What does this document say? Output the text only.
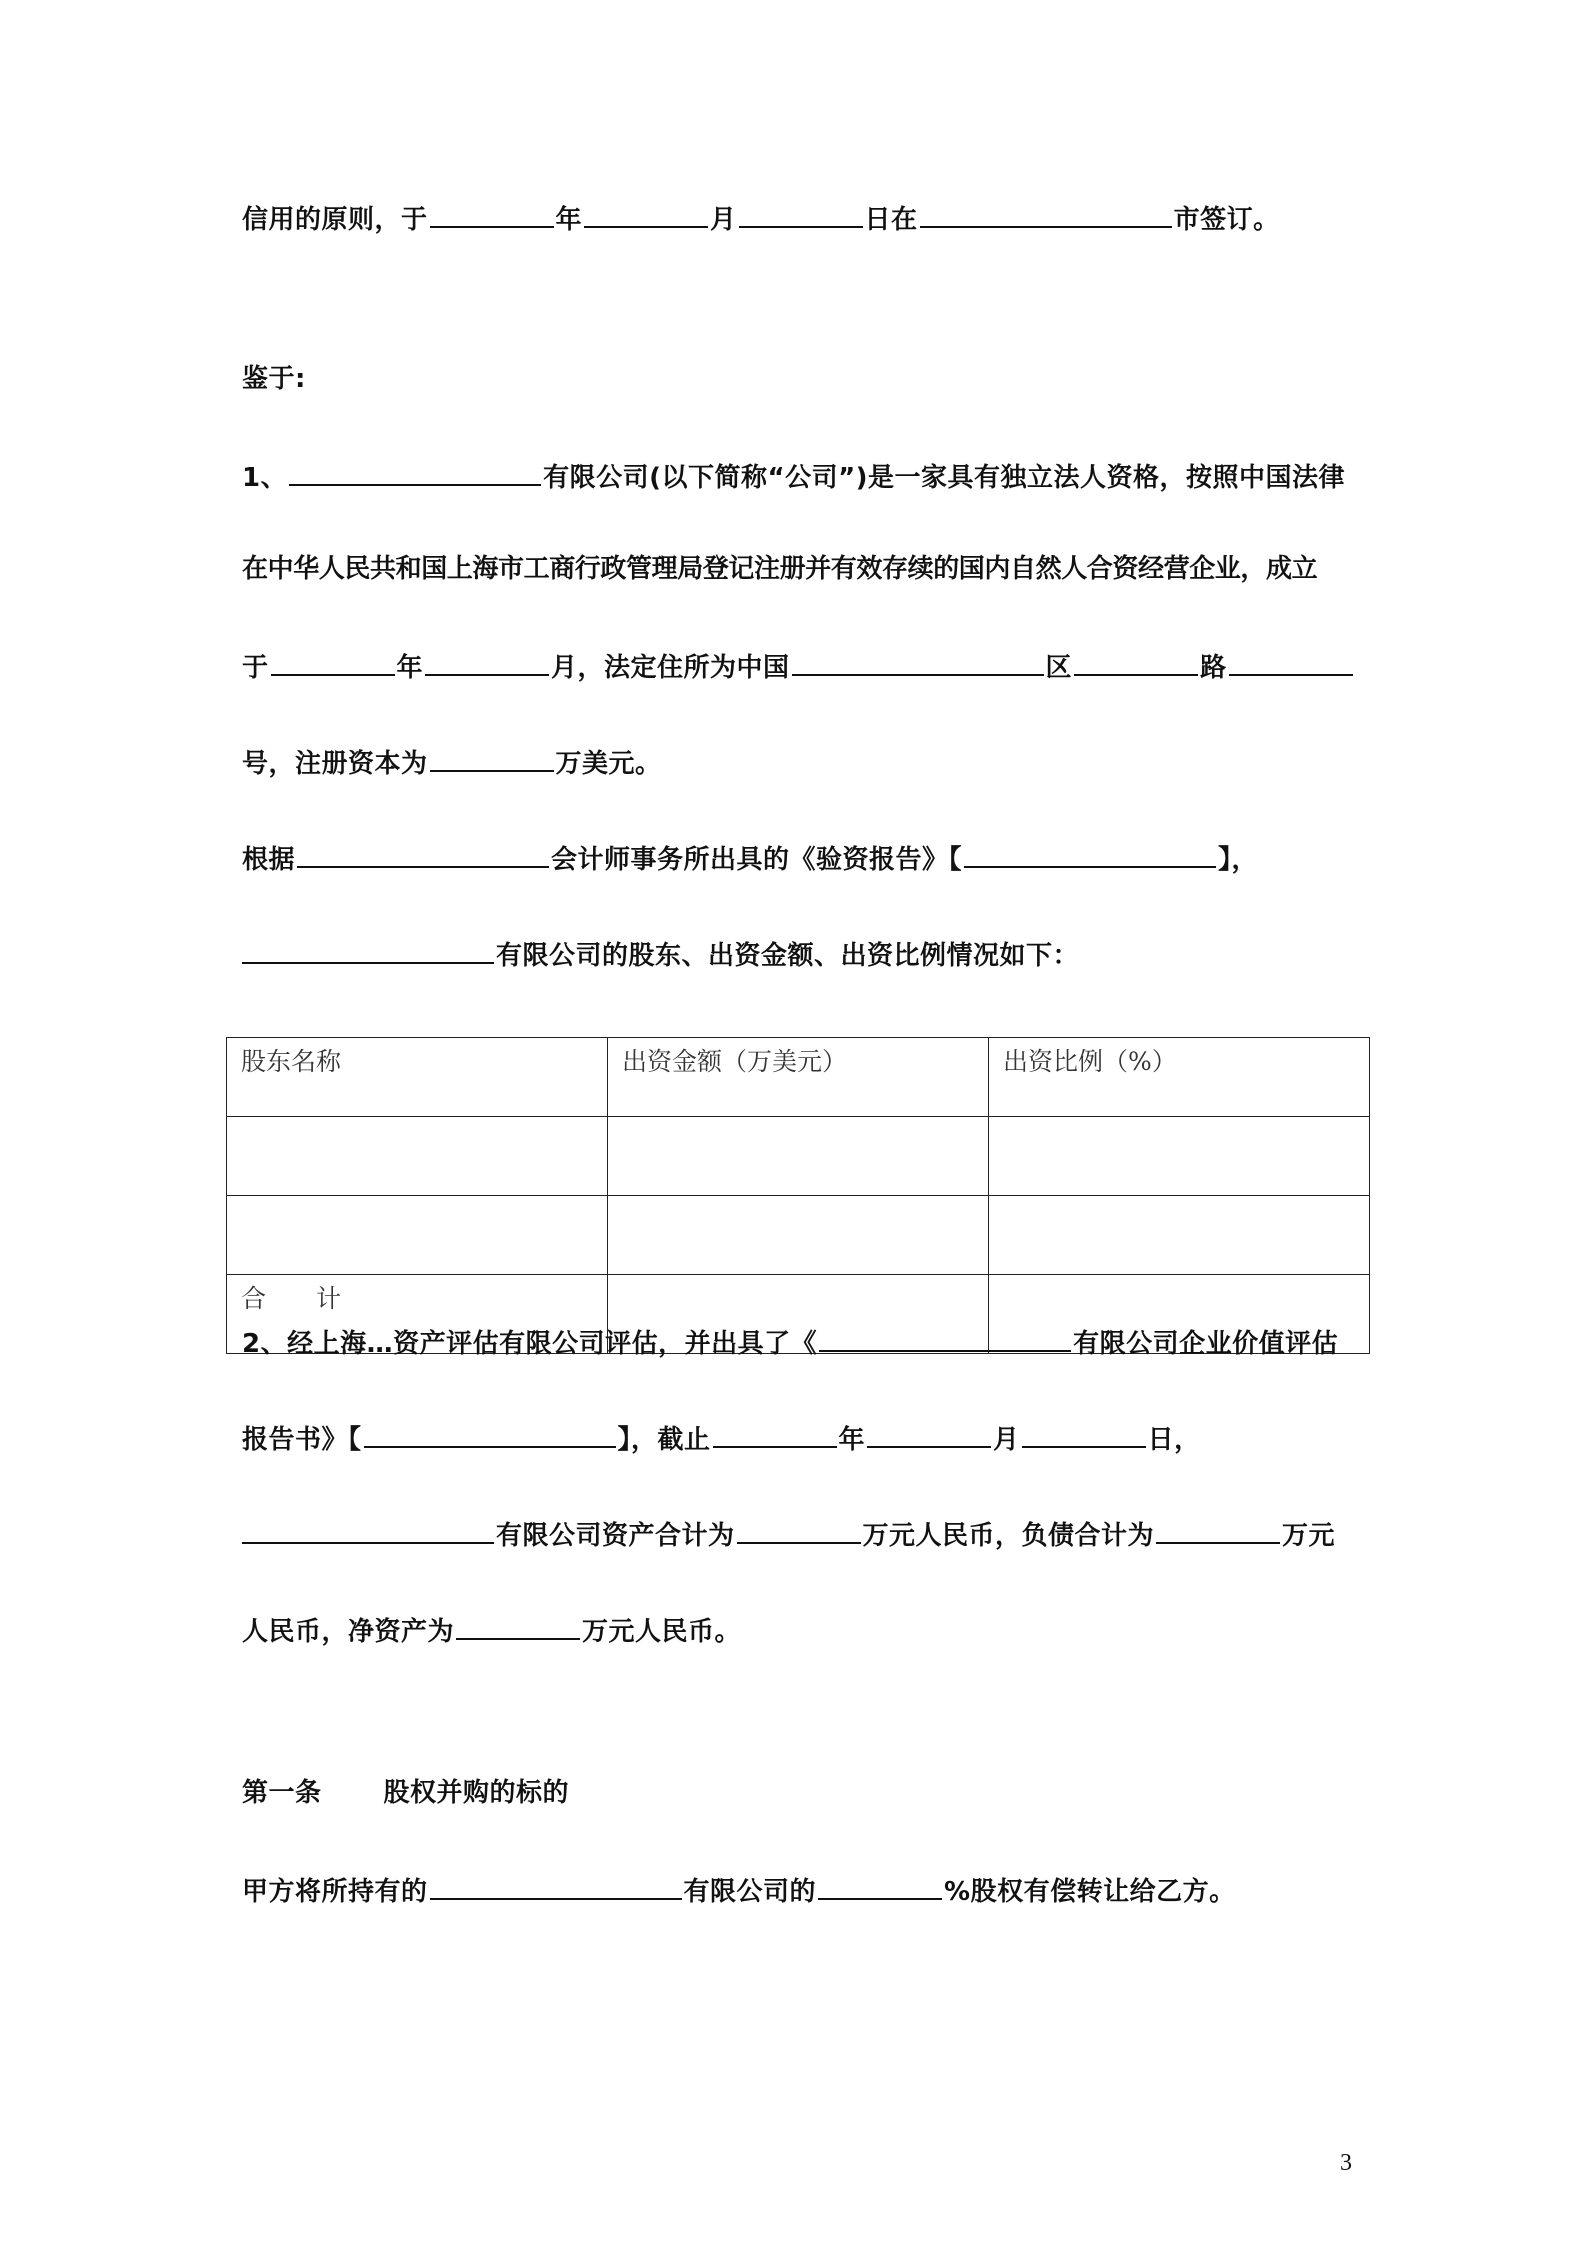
信用的原则，于	年	月	日在	市签订。
鉴于:
1、	有限公司(以下简称“公司”)是一家具有独立法人资格，按照中国法律
在中华人民共和国上海市工商行政管理局登记注册并有效存续的国内自然人合资经营企业，成立
于	年	月，法定住所为中国	区	路
号，注册资本为	万美元。
根据	会计师事务所出具的《验资报告》【	】，
有限公司的股东、出资金额、出资比例情况如下：
股东名称	出资金额（万美元）	出资比例（%）

合　　计		
2、经上海…资产评估有限公司评估，并出具了《	有限公司企业价值评估
报告书》【	】，截止	年	月	日，
有限公司资产合计为	万元人民币，负债合计为	万元
人民币，净资产为	万元人民币。
第一条 股权并购的标的
甲方将所持有的	有限公司的	%股权有偿转让给乙方。
3
